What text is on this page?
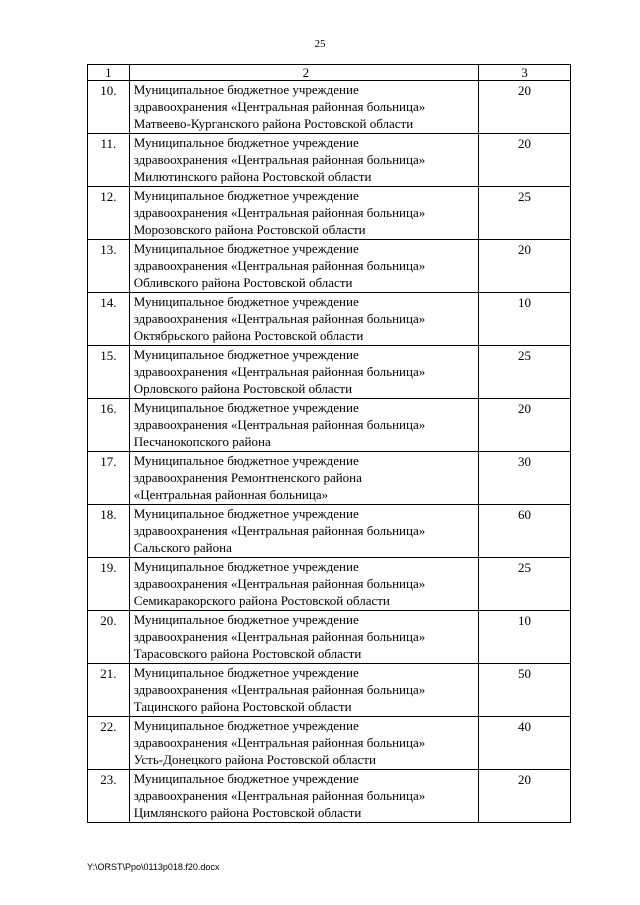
25
1	2	3

10.	Муниципальное бюджетное учреждение
здравоохранения «Центральная районная больница»
Матвеево-Курганского района Ростовской области	20

11.	Муниципальное бюджетное учреждение
здравоохранения «Центральная районная больница»
Милютинского района Ростовской области	20

12.	Муниципальное бюджетное учреждение
здравоохранения «Центральная районная больница»
Морозовского района Ростовской области	25

13.	Муниципальное бюджетное учреждение
здравоохранения «Центральная районная больница»
Обливского района Ростовской области	20

14.	Муниципальное бюджетное учреждение
здравоохранения «Центральная районная больница»
Октябрьского района Ростовской области	10

15.	Муниципальное бюджетное учреждение
здравоохранения «Центральная районная больница»
Орловского района Ростовской области	25

16.	Муниципальное бюджетное учреждение
здравоохранения «Центральная районная больница»
Песчанокопского района	20

17.	Муниципальное бюджетное учреждение
здравоохранения Ремонтненского района
«Центральная районная больница»	30

18.	Муниципальное бюджетное учреждение
здравоохранения «Центральная районная больница»
Сальского района	60

19.	Муниципальное бюджетное учреждение
здравоохранения «Центральная районная больница»
Семикаракорского района Ростовской области	25

20.	Муниципальное бюджетное учреждение
здравоохранения «Центральная районная больница»
Тарасовского района Ростовской области	10

21.	Муниципальное бюджетное учреждение
здравоохранения «Центральная районная больница»
Тацинского района Ростовской области	50

22.	Муниципальное бюджетное учреждение
здравоохранения «Центральная районная больница»
Усть-Донецкого района Ростовской области	40

23.	Муниципальное бюджетное учреждение
здравоохранения «Центральная районная больница»
Цимлянского района Ростовской области	20
Y:\ORST\Ppo\0113p018.f20.docx
